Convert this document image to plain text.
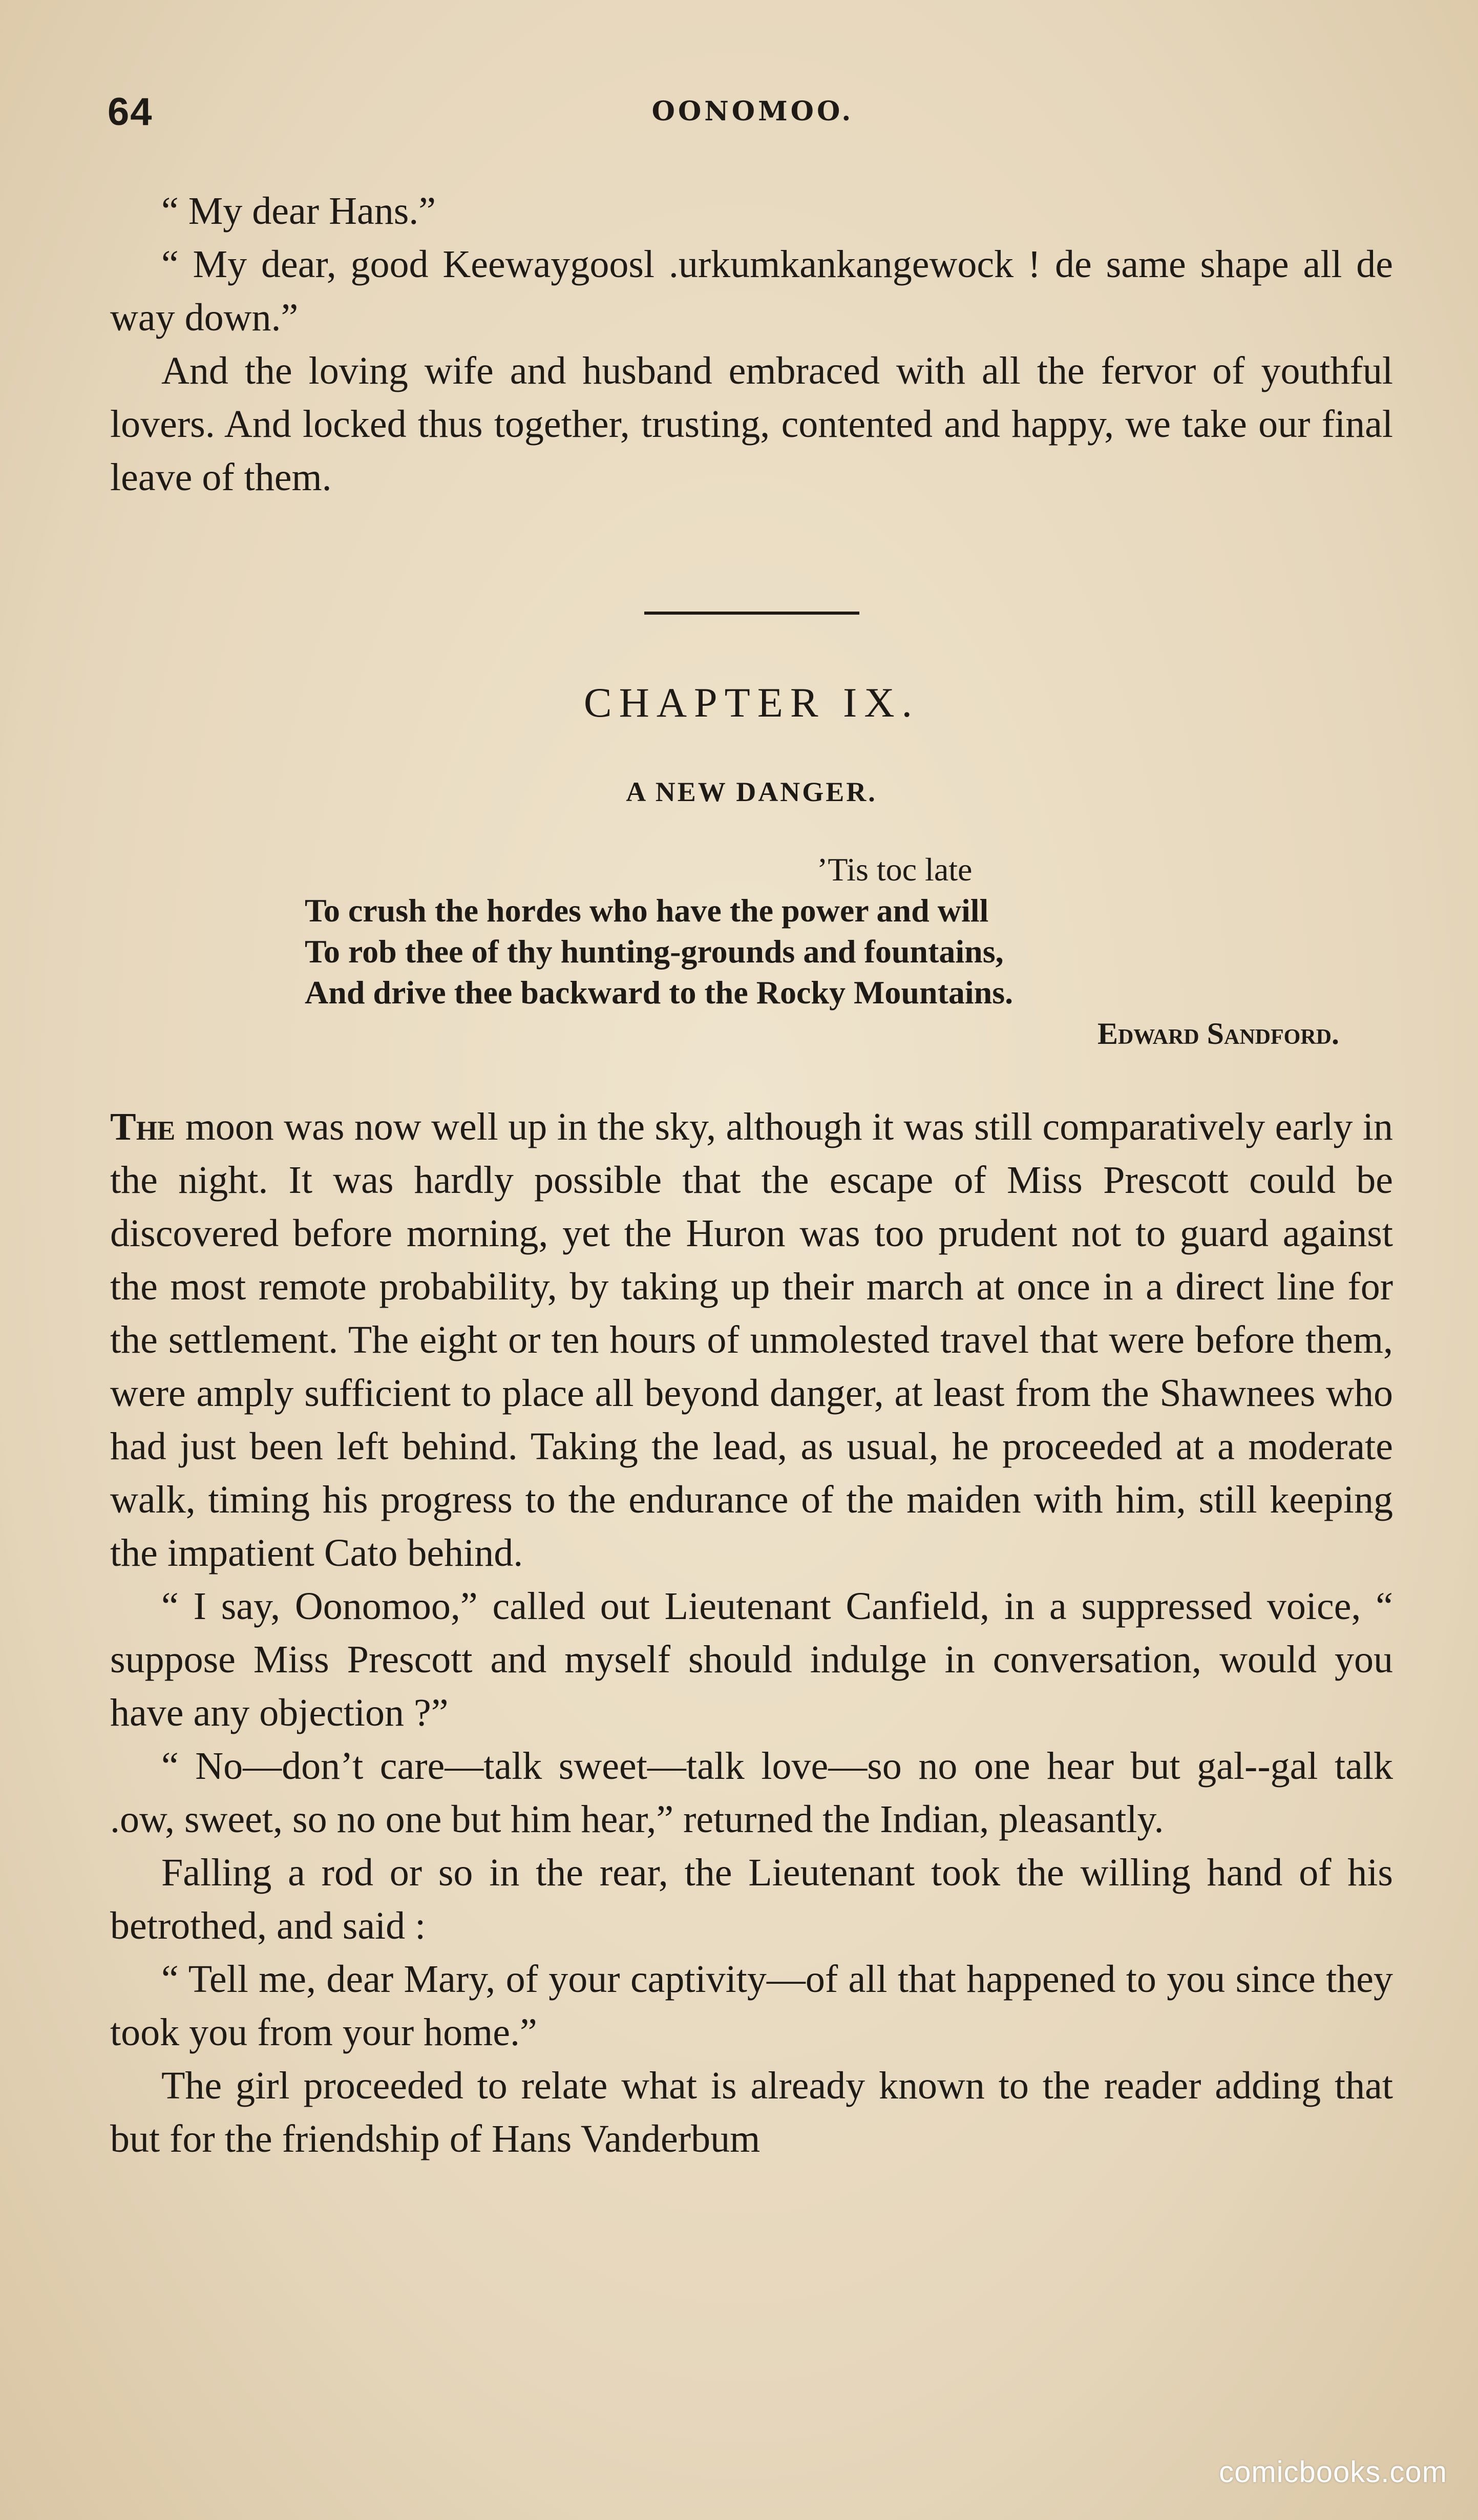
64	OONOMOO.

“ My dear Hans.”

“ My dear, good Keewaygoosl .urkumkankangewock ! de same shape all de way down.”

And the loving wife and husband embraced with all the fervor of youthful lovers. And locked thus together, trusting, contented and happy, we take our final leave of them.

CHAPTER IX.
A NEW DANGER.
’Tis toc late
To crush the hordes who have the power and will
To rob thee of thy hunting-grounds and fountains,
And drive thee backward to the Rocky Mountains.
Edward Sandford.

The moon was now well up in the sky, although it was still comparatively early in the night. It was hardly possible that the escape of Miss Prescott could be discovered before morning, yet the Huron was too prudent not to guard against the most remote probability, by taking up their march at once in a direct line for the settlement. The eight or ten hours of unmolested travel that were before them, were amply sufficient to place all beyond danger, at least from the Shawnees who had just been left behind. Taking the lead, as usual, he proceeded at a moderate walk, timing his progress to the endurance of the maiden with him, still keeping the impatient Cato behind.

“ I say, Oonomoo,” called out Lieutenant Canfield, in a suppressed voice, “ suppose Miss Prescott and myself should indulge in conversation, would you have any objection ?”

“ No—don’t care—talk sweet—talk love—so no one hear but gal--gal talk .ow, sweet, so no one but him hear,” returned the Indian, pleasantly.

Falling a rod or so in the rear, the Lieutenant took the willing hand of his betrothed, and said :

“ Tell me, dear Mary, of your captivity—of all that happened to you since they took you from your home.”

The girl proceeded to relate what is already known to the reader adding that but for the friendship of Hans Vanderbum

comicbooks.com
